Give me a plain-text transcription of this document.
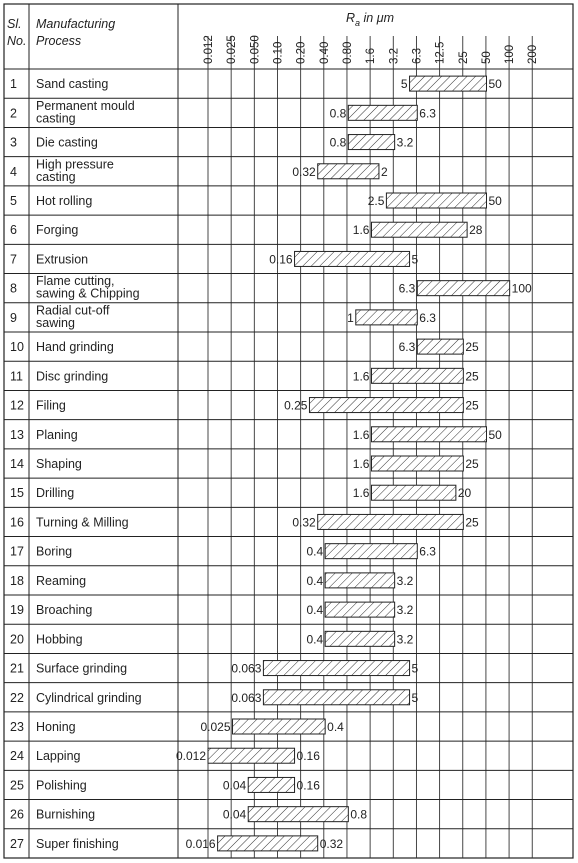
0.012 0.025 0.050 0.10 0.20 0.40 0.80 1.6 3.2 6.3 12.5 25 50 100 200
1 Sand casting	5	50
2
Permanent mould
casting	0.8	6.3
3 Die casting	0.8	3.2
4
High pressure
casting	0.32	2
5 Hot rolling	2.5	50
6 Forging	1.6	28
7 Extrusion	0.16	5
8
Flame cutting,
sawing & Chipping	6.3	100
9
Radial cut-off
sawing	1	6.3
10 Hand grinding	6.3	25
11 Disc grinding	1.6	25
12 Filing	0.25	25
13 Planing	1.6	50
14 Shaping	1.6	25
15 Drilling	1.6	20
16 Turning & Milling	0.32	25
17 Boring	0.4	6.3
18 Reaming	0.4	3.2
19 Broaching	0.4	3.2
20 Hobbing	0.4	3.2
21 Surface grinding	0.063	5
22 Cylindrical grinding	0.063	5
23 Honing	0.025	0.4
24 Lapping	0.012	0.16
25 Polishing	0.04	0.16
26 Burnishing	0.04	0.8
27 Super finishing	0.016	0.32
Sl.
No.
Manufacturing
Process
$R_a$ in μm
